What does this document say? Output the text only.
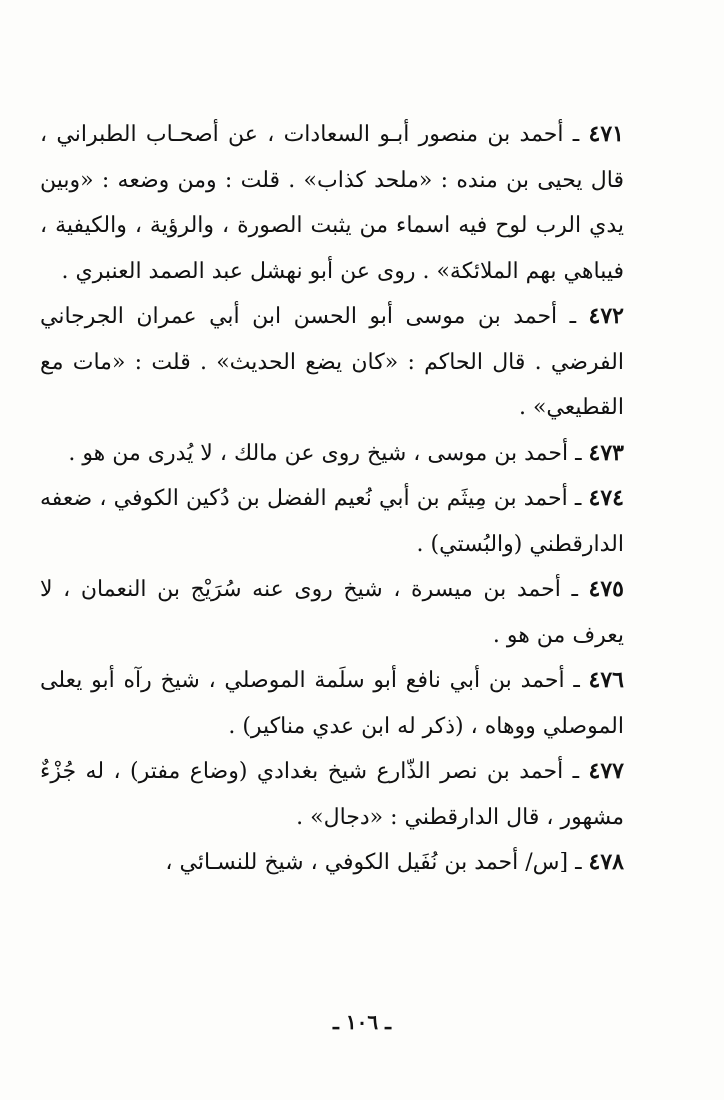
٤٧١ ـ أحمد بن منصور أبـو السعادات ، عن أصحـاب الطبراني ، قال يحيى بن منده : «ملحد كذاب» . قلت : ومن وضعه : «وبين يدي الرب لوح فيه اسماء من يثبت الصورة ، والرؤية ، والكيفية ، فيباهي بهم الملائكة» . روى عن أبو نهشل عبد الصمد العنبري .

٤٧٢ ـ أحمد بن موسى أبو الحسن ابن أبي عمران الجرجاني الفرضي . قال الحاكم : «كان يضع الحديث» . قلت : «مات مع القطيعي» .

٤٧٣ ـ أحمد بن موسى ، شيخ روى عن مالك ، لا يُدرى من هو .

٤٧٤ ـ أحمد بن مِيثَم بن أبي نُعيم الفضل بن دُكين الكوفي ، ضعفه الدارقطني (والبُستي) .

٤٧٥ ـ أحمد بن ميسرة ، شيخ روى عنه سُرَيْج بن النعمان ، لا يعرف من هو .

٤٧٦ ـ أحمد بن أبي نافع أبو سلَمة الموصلي ، شيخ رآه أبو يعلى الموصلي ووهاه ، (ذكر له ابن عدي مناكير) .

٤٧٧ ـ أحمد بن نصر الذّارع شيخ بغدادي (وضاع مفتر) ، له جُزْءٌ مشهور ، قال الدارقطني : «دجال» .

٤٧٨ ـ [س/ أحمد بن نُفَيل الكوفي ، شيخ للنسـائي ،

ـ ١٠٦ ـ
